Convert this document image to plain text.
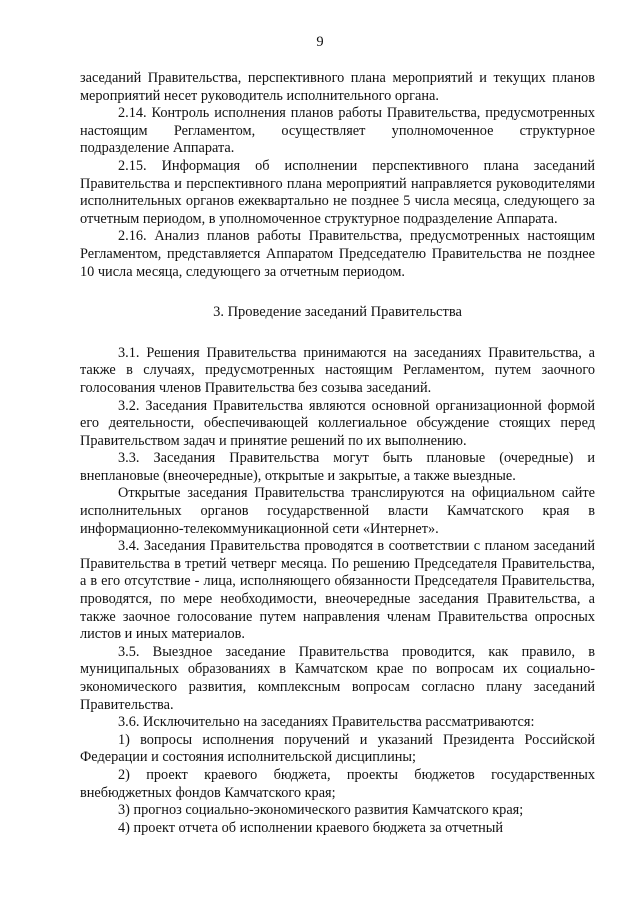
9

заседаний Правительства, перспективного плана мероприятий и текущих планов мероприятий несет руководитель исполнительного органа.

2.14. Контроль исполнения планов работы Правительства, предусмотренных настоящим Регламентом, осуществляет уполномоченное структурное подразделение Аппарата.

2.15. Информация об исполнении перспективного плана заседаний Правительства и перспективного плана мероприятий направляется руководителями исполнительных органов ежеквартально не позднее 5 числа месяца, следующего за отчетным периодом, в уполномоченное структурное подразделение Аппарата.

2.16. Анализ планов работы Правительства, предусмотренных настоящим Регламентом, представляется Аппаратом Председателю Правительства не позднее 10 числа месяца, следующего за отчетным периодом.

3. Проведение заседаний Правительства

3.1. Решения Правительства принимаются на заседаниях Правительства, а также в случаях, предусмотренных настоящим Регламентом, путем заочного голосования членов Правительства без созыва заседаний.

3.2. Заседания Правительства являются основной организационной формой его деятельности, обеспечивающей коллегиальное обсуждение стоящих перед Правительством задач и принятие решений по их выполнению.

3.3. Заседания Правительства могут быть плановые (очередные) и внеплановые (внеочередные), открытые и закрытые, а также выездные.

Открытые заседания Правительства транслируются на официальном сайте исполнительных органов государственной власти Камчатского края в информационно-телекоммуникационной сети «Интернет».

3.4. Заседания Правительства проводятся в соответствии с планом заседаний Правительства в третий четверг месяца. По решению Председателя Правительства, а в его отсутствие - лица, исполняющего обязанности Председателя Правительства, проводятся, по мере необходимости, внеочередные заседания Правительства, а также заочное голосование путем направления членам Правительства опросных листов и иных материалов.

3.5. Выездное заседание Правительства проводится, как правило, в муниципальных образованиях в Камчатском крае по вопросам их социально-экономического развития, комплексным вопросам согласно плану заседаний Правительства.

3.6. Исключительно на заседаниях Правительства рассматриваются:

1) вопросы исполнения поручений и указаний Президента Российской Федерации и состояния исполнительской дисциплины;

2) проект краевого бюджета, проекты бюджетов государственных внебюджетных фондов Камчатского края;

3) прогноз социально-экономического развития Камчатского края;

4) проект отчета об исполнении краевого бюджета за отчетный
